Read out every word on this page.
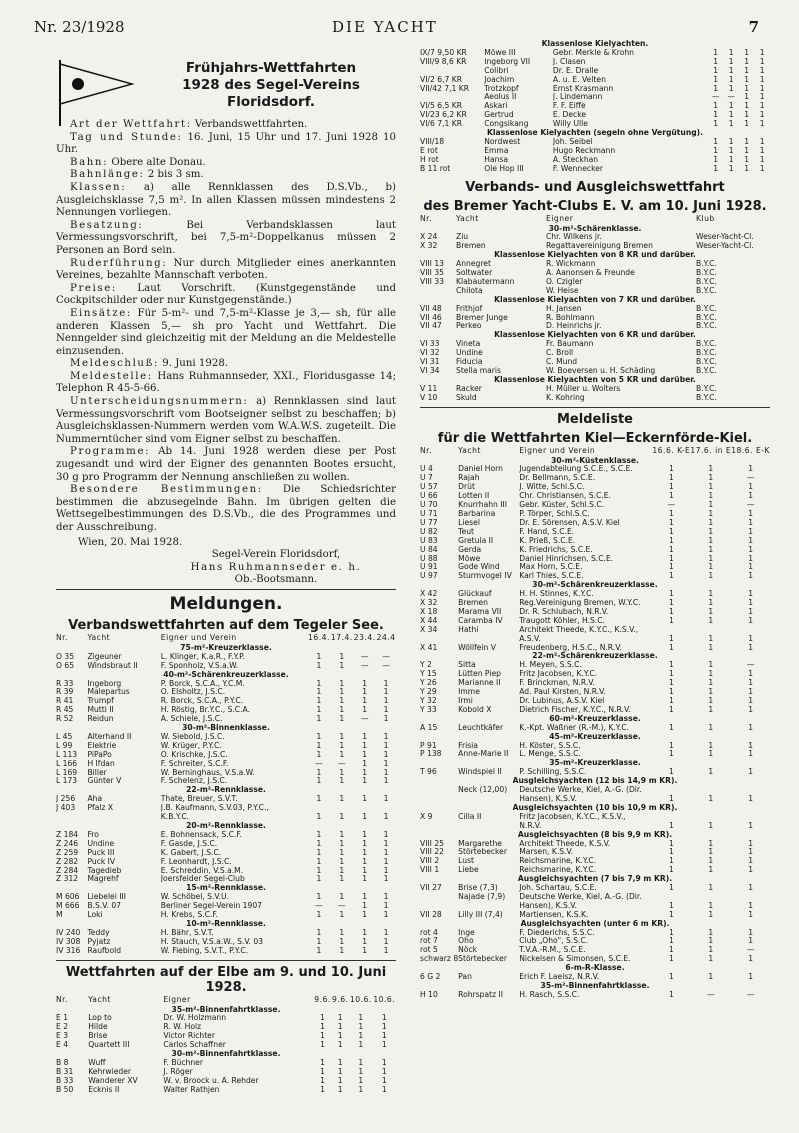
Nr. 23/1928	DIE YACHT	7
Frühjahrs-Wettfahrten
1928 des Segel-Vereins Floridsdorf.

Art der Wettfahrt: Verbandswettfahrten.

Tag und Stunde: 16. Juni, 15 Uhr und 17. Juni 1928 10 Uhr.

Bahn: Obere alte Donau.

Bahnlänge: 2 bis 3 sm.

Klassen: a) alle Rennklassen des D.S.Vb., b) Ausgleichsklasse 7,5 m². In allen Klassen müssen mindestens 2 Nennungen vorliegen.

Besatzung: Bei Verbandsklassen laut Vermessungsvorschrift, bei 7,5-m²-Doppelkanus müssen 2 Personen an Bord sein.

Ruderführung: Nur durch Mitglieder eines anerkannten Vereines, bezahlte Mannschaft verboten.

Preise: Laut Vorschrift. (Kunstgegenstände und Cockpitschilder oder nur Kunstgegenstände.)

Einsätze: Für 5-m²- und 7,5-m²-Klasse je 3,— sh, für alle anderen Klassen 5,— sh pro Yacht und Wettfahrt. Die Nenngelder sind gleichzeitig mit der Meldung an die Meldestelle einzusenden.

Meldeschluß: 9. Juni 1928.

Meldestelle: Hans Ruhmannseder, XXI., Floridusgasse 14; Telephon R 45-5-66.

Unterscheidungsnummern: a) Rennklassen sind laut Vermessungsvorschrift vom Bootseigner selbst zu beschaffen; b) Ausgleichsklassen-Nummern werden vom W.A.W.S. zugeteilt. Die Nummerntücher sind vom Eigner selbst zu beschaffen.

Programme: Ab 14. Juni 1928 werden diese per Post zugesandt und wird der Eigner des genannten Bootes ersucht, 30 g pro Programm der Nennung anschließen zu wollen.

Besondere Bestimmungen: Die Schiedsrichter bestimmen die abzusegelnde Bahn. Im übrigen gelten die Wettsegelbestimmungen des D.S.Vb., die des Programmes und der Ausschreibung.

Wien, 20. Mai 1928.
Segel-Verein Floridsdorf,
Hans Ruhmannseder e. h.
Ob.-Bootsmann.
Meldungen.
Verbandswettfahrten auf dem Tegeler See.
Nr.	Yacht	Eigner und Verein	16.4.	17.4.	23.4.	24.4
75-m²-Kreuzerklasse.						
O 35	Zigeuner	L. Klinger, K.a.R., F.Y.P.	1	1	—	—
O 65	Windsbraut II	F. Sponholz, V.S.a.W.	1	1	—	—
40-m²-Schärenkreuzerklasse.						
R 33	Ingeborg	P. Borck, S.C.A., Y.C.M.	1	1	1	1
R 39	Malepartus	O. Elsholtz, J.S.C.	1	1	1	1
R 41	Trumpf	R. Borck, S.C.A., P.Y.C.	1	1	1	1
R 45	Mutti II	H. Röstig, Br.Y.C., S.C.A.	1	1	1	1
R 52	Reidun	A. Schiele, J.S.C.	1	1	—	1
30-m²-Binnenklasse.						
L 45	Alterhand II	W. Siebold, J.S.C.	1	1	1	1
L 99	Elektrie	W. Krüger, P.Y.C.	1	1	1	1
L 113	PiPaPo	O. Krischke, J.S.C.	1	1	1	1
L 166	H Ifdan	F. Schreiter, S.C.F.	—	—	1	1
L 169	Biller	W. Berninghaus, V.S.a.W.	1	1	1	1
L 173	Günter V	F. Schelenz, J.S.C.	1	1	1	1
22-m²-Rennklasse.						
J 256	Aha	Thate, Breuer, S.V.T.	1	1	1	1
J 403	Pfalz X	J.B. Kaufmann, S.V.03, P.Y.C.,				
		K.B.Y.C.	1	1	1	1
20-m²-Rennklasse.						
Z 184	Fro	E. Bohnensack, S.C.F.	1	1	1	1
Z 246	Undine	F. Gasde, J.S.C.	1	1	1	1
Z 259	Puck III	K. Gabert, J.S.C.	1	1	1	1
Z 282	Puck IV	F. Leonhardt, J.S.C.	1	1	1	1
Z 284	Tagedieb	E. Schreddin, V.S.a.M.	1	1	1	1
Z 312	Magrehf	Joersfelder Segel-Club	1	1	1	1
15-m²-Rennklasse.						
M 606	Liebelei III	W. Schöbel, S.V.U.	1	1	1	1
M 666	B.S.V. 07	Berliner Segel-Verein 1907	—	—	1	1
M	Loki	H. Krebs, S.C.F.	1	1	1	1
10-m²-Rennklasse.						
IV 240	Teddy	H. Bähr, S.V.T.	1	1	1	1
IV 308	Pyjatz	H. Stauch, V.S.a.W., S.V. 03	1	1	1	1
IV 316	Raufbold	W. Fiebing, S.V.T., P.Y.C.	1	1	1	1
Wettfahrten auf der Elbe am 9. und 10. Juni 1928.
Nr.	Yacht	Eigner	9.6.	9.6.	10.6.	10.6.
35-m²-Binnenfahrtklasse.						
E 1	Lop to	Dr. W. Holzmann	1	1	1	1
E 2	Hilde	R. W. Holz	1	1	1	1
E 3	Brise	Victor Richter	1	1	1	1
E 4	Quartett III	Carlos Schaffner	1	1	1	1
30-m²-Binnenfahrtklasse.						
B 8	Wuff	F. Büchner	1	1	1	1
B 31	Kehrwieder	J. Röger	1	1	1	1
B 33	Wanderer XV	W. v. Broock u. A. Rehder	1	1	1	1
B 50	Ecknis II	Walter Rathjen	1	1	1	1
Klassenlose Kielyachten.						
IX/7 9,50 KR	Möwe III	Gebr. Merkle & Krohn	1	1	1	1
VIII/9 8,6 KR	Ingeborg VII	J. Clasen	1	1	1	1
	Colibri	Dr. E. Dralle	1	1	1	1
VI/2 6,7 KR	Joachim	A. u. E. Velten	1	1	1	1
VII/42 7,1 KR	Trotzkopf	Ernst Krasmann	1	1	1	1
	Aeolus II	J. Lindemann	—	—	1	1
VI/5 6,5 KR	Askari	F. F. Eiffe	1	1	1	1
VI/23 6,2 KR	Gertrud	E. Decke	1	1	1	1
VI/6 7,1 KR	Congsikang	Willy Ulle	1	1	1	1
Klassenlose Kielyachten (segeln ohne Vergütung).						
VIII/18	Nordwest	Joh. Seibel	1	1	1	1
E rot	Emma	Hugo Reckmann	1	1	1	1
H rot	Hansa	A. Steckhan	1	1	1	1
B 11 rot	Ole Hop III	F. Wennecker	1	1	1	1
Verbands- und Ausgleichswettfahrt
des Bremer Yacht-Clubs E. V. am 10. Juni 1928.
Nr.	Yacht	Eigner	Klub
30-m²-Schärenklasse.			
X 24	Ziu	Chr. Wilkens jr.	Weser-Yacht-Cl.
X 32	Bremen	Regattavereinigung Bremen	Weser-Yacht-Cl.
Klassenlose Kielyachten von 8 KR und darüber.			
VIII 13	Annegret	R. Wickmann	B.Y.C.
VIII 35	Soltwater	A. Aanonsen & Freunde	B.Y.C.
VIII 33	Klabautermann	O. Czigler	B.Y.C.
	Chilota	W. Heise	B.Y.C.
Klassenlose Kielyachten von 7 KR und darüber.			
VII 48	Frithjof	H. Jansen	B.Y.C.
VII 46	Bremer Junge	R. Bohlmann	B.Y.C.
VII 47	Perkeo	D. Heinrichs jr.	B.Y.C.
Klassenlose Kielyachten von 6 KR und darüber.			
VI 33	Vineta	Fr. Baumann	B.Y.C.
VI 32	Undine	C. Broll	B.Y.C.
VI 31	Fiducia	C. Mund	B.Y.C.
VI 34	Stella maris	W. Boeversen u. H. Schäding	B.Y.C.
Klassenlose Kielyachten von 5 KR und darüber.			
V 11	Racker	H. Müller u. Wolters	B.Y.C.
V 10	Skuld	K. Kohring	B.Y.C.
Meldeliste
für die Wettfahrten Kiel—Eckernförde-Kiel.
Nr.	Yacht	Eigner und Verein	16.6. K-E	17.6. in E	18.6. E-K
30-m²-Küstenklasse.					
U 4	Daniel Horn	Jugendabteilung S.C.E., S.C.E.	1	1	1
U 7	Rajah	Dr. Bellmann, S.C.E.	1	1	—
U 57	Drüt	J. Witte, Schl.S.C.	1	1	1
U 66	Lotten II	Chr. Christiansen, S.C.E.	1	1	1
U 70	Knurrhahn III	Gebr. Küster, Schl.S.C.	—	1	—
U 71	Barbarina	P. Törper, Schl.S.C.	1	1	1
U 77	Liesel	Dr. E. Sörensen, A.S.V. Kiel	1	1	1
U 82	Teut	F. Hand, S.C.E.	1	1	1
U 83	Gretula II	K. Prieß, S.C.E.	1	1	1
U 84	Gerda	K. Friedrichs, S.C.E.	1	1	1
U 88	Möwe	Daniel Hinrichsen, S.C.E.	1	1	1
U 91	Gode Wind	Max Horn, S.C.E.	1	1	1
U 97	Sturmvogel IV	Karl Thies, S.C.E.	1	1	1
30-m²-Schärenkreuzerklasse.					
X 42	Glückauf	H. H. Stinnes, K.Y.C.	1	1	1
X 32	Bremen	Reg.Vereinigung Bremen, W.Y.C.	1	1	1
X 18	Marama VII	Dr. R. Schlubach, N.R.V.	1	1	1
X 44	Caramba IV	Traugott Köhler, H.S.C.	1	1	1
X 34	Hathi	Architekt Theede, K.Y.C., K.S.V.,			
		A.S.V.	1	1	1
X 41	Wöllfein V	Freudenberg, H.S.C., N.R.V.	1	1	1
22-m²-Schärenkreuzerklasse.					
Y 2	Sitta	H. Meyen, S.S.C.	1	1	—
Y 15	Lütten Piep	Fritz Jacobsen, K.Y.C.	1	1	1
Y 26	Marianne II	F. Brinckman, N.R.V.	1	1	1
Y 29	Imme	Ad. Paul Kirsten, N.R.V.	1	1	1
Y 32	Irmi	Dr. Lubinus, A.S.V. Kiel	1	1	1
Y 33	Kobold X	Dietrich Fischer, K.Y.C., N.R.V.	1	1	1
60-m²-Kreuzerklasse.					
A 15	Leuchtkäfer	K.-Kpt. Waßner (R.-M.), K.Y.C.	1	1	1
45-m²-Kreuzerklasse.					
P 91	Frisia	H. Köster, S.S.C.	1	1	1
P 138	Anne-Marie II	L. Menge, S.S.C.	1	1	1
35-m²-Kreuzerklasse.					
T 96	Windspiel II	P. Schilling, S.S.C.	1	1	1
Ausgleichsyachten (12 bis 14,9 m KR).					
	Neck (12,00)	Deutsche Werke, Kiel, A.-G. (Dir.			
		Hansen), K.S.V.	1	1	1
Ausgleichsyachten (10 bis 10,9 m KR).					
X 9	Cilla II	Fritz Jacobsen, K.Y.C., K.S.V.,			
		N.R.V.	1	1	1
Ausgleichsyachten (8 bis 9,9 m KR).					
VIII 25	Margarethe	Architekt Theede, K.S.V.	1	1	1
VIII 22	Störtebecker	Marsen, K.S.V.	1	1	1
VIII 2	Lust	Reichsmarine, K.Y.C.	1	1	1
VIII 1	Liebe	Reichsmarine, K.Y.C.	1	1	1
Ausgleichsyachten (7 bis 7,9 m KR).					
VII 27	Brise (7,3)	Joh. Schartau, S.C.E.	1	1	1
	Najade (7,9)	Deutsche Werke, Kiel, A.-G. (Dir.			
		Hansen), K.S.V.	1	1	1
VII 28	Lilly III (7,4)	Martiensen, K.S.K.	1	1	1
Ausgleichsyachten (unter 6 m KR).					
rot 4	Inge	F. Diederichs, S.S.C.	1	1	1
rot 7	Oho	Club „Oho", S.S.C.	1	1	1
rot 5	Nöck	T.V.A.-R.M., S.C.E.	1	1	—
schwarz 8	Störtebecker	Nickelsen & Simonsen, S.C.E.	1	1	1
6-m-R-Klasse.					
6 G 2	Pan	Erich F. Laeisz, N.R.V.	1	1	1
35-m²-Binnenfahrtklasse.					
H 10	Rohrspatz II	H. Rasch, S.S.C.	1	—	—
